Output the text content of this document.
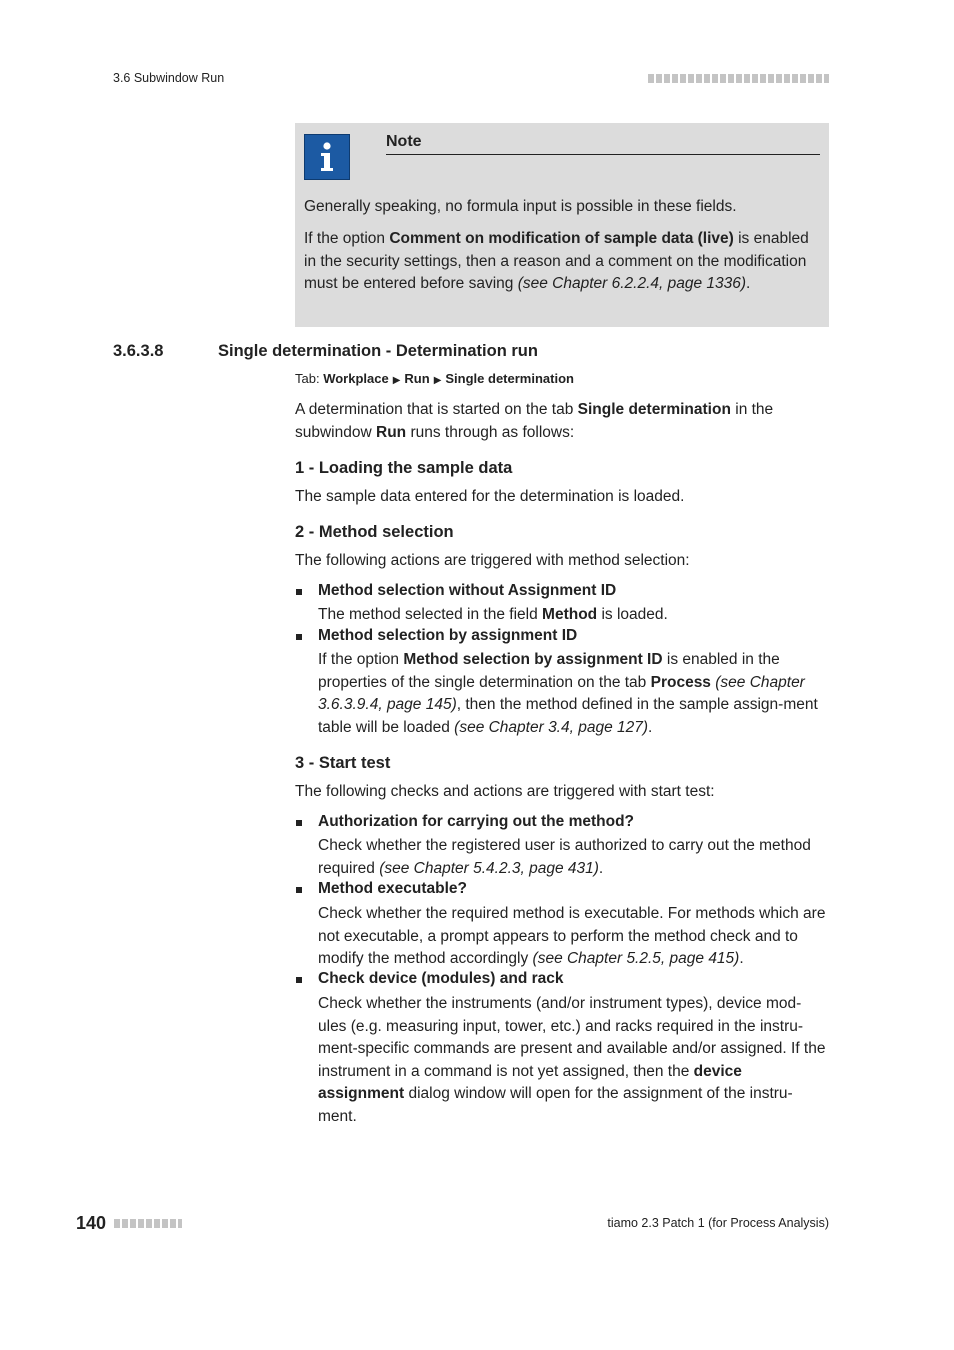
3.6 Subwindow Run
Note
Generally speaking, no formula input is possible in these fields.
If the option Comment on modification of sample data (live) is enabled in the security settings, then a reason and a comment on the modification must be entered before saving (see Chapter 6.2.2.4, page 1336).
3.6.3.8	Single determination - Determination run
Tab: Workplace ▶ Run ▶ Single determination
A determination that is started on the tab Single determination in the subwindow Run runs through as follows:
1 - Loading the sample data
The sample data entered for the determination is loaded.
2 - Method selection
The following actions are triggered with method selection:
Method selection without Assignment ID
The method selected in the field Method is loaded.
Method selection by assignment ID
If the option Method selection by assignment ID is enabled in the properties of the single determination on the tab Process (see Chapter 3.6.3.9.4, page 145), then the method defined in the sample assign-ment table will be loaded (see Chapter 3.4, page 127).
3 - Start test
The following checks and actions are triggered with start test:
Authorization for carrying out the method?
Check whether the registered user is authorized to carry out the method required (see Chapter 5.4.2.3, page 431).
Method executable?
Check whether the required method is executable. For methods which are not executable, a prompt appears to perform the method check and to modify the method accordingly (see Chapter 5.2.5, page 415).
Check device (modules) and rack
Check whether the instruments (and/or instrument types), device mod-ules (e.g. measuring input, tower, etc.) and racks required in the instru-ment-specific commands are present and available and/or assigned. If the instrument in a command is not yet assigned, then the device assignment dialog window will open for the assignment of the instru-ment.
140	tiamo 2.3 Patch 1 (for Process Analysis)
